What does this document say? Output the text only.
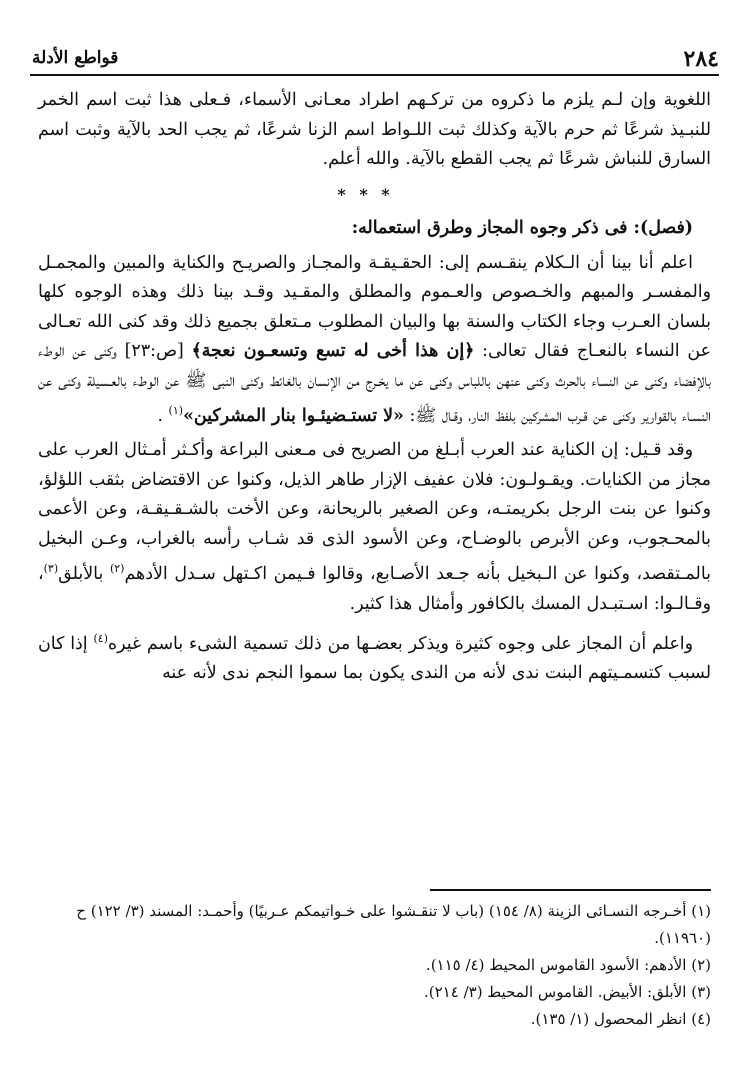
٢٨٤
قواطع الأدلة

اللغوية وإن لـم يلزم ما ذكروه من تركـهم اطراد معـانى الأسماء، فـعلى هذا ثبت اسم الخمر للنبـيذ شرعًا ثم حرم بالآية وكذلك ثبت اللـواط اسم الزنا شرعًا، ثم يجب الحد بالآية وثبت اسم السارق للنباش شرعًا ثم يجب القطع بالآية. والله أعلم.

* * *

(فصل): فى ذكر وجوه المجاز وطرق استعماله:

اعلم أنا بينا أن الـكلام ينقـسم إلى: الحقـيقـة والمجـاز والصريـح والكناية والمبين والمجمـل والمفسـر والمبهم والخـصوص والعـموم والمطلق والمقـيد وقـد بينا ذلك وهذه الوجوه كلها بلسان العـرب وجاء الكتاب والسنة بها والبيان المطلوب مـتعلق بجميع ذلك وقد كنى الله تعـالى عن النساء بالنعـاج فقال تعالى: ﴿إن هذا أخى له تسع وتسعـون نعجة﴾ [ص:٢٣] وكنى عن الوطء بالإفضاء وكنى عن النساء بالحرث وكنى عنهن باللباس وكنى عن ما يخـرج من الإنسان بالغائط وكنى النبى ﷺ عن الوطء بالعـسيلة وكنى عن النسـاء بالقوارير وكنى عن قـرب المشركين بلفظ النار، وقـال ﷺ: «لا تستـضيئـوا بنار المشركين»$^{(١)}$ .

وقد قـيل: إن الكناية عند العرب أبـلغ من الصريح فى مـعنى البراعة وأكـثر أمـثال العرب على مجاز من الكنايات. ويقـولـون: فلان عفيف الإزار طاهر الذيل، وكنوا عن الاقتضاض بثقب اللؤلؤ، وكنوا عن بنت الرجل بكريمتـه، وعن الصغير بالريحانة، وعن الأخت بالشـقـيقـة، وعن الأعمى بالمحـجوب، وعن الأبرص بالوضـاح، وعن الأسود الذى قد شـاب رأسه بالغراب، وعـن البخيل بالمـتقصد، وكنوا عن الـبخيل بأنه جـعد الأصـابع، وقالوا فـيمن اكـتهل سـدل الأدهم$^{(٢)}$ بالأبلق$^{(٣)}$، وقـالـوا: اسـتبـدل المسك بالكافور وأمثال هذا كثير.

واعلم أن المجاز على وجوه كثيرة ويذكر بعضـها من ذلك تسمية الشىء باسم غيره$^{(٤)}$ إذا كان لسبب كتسمـيتهم البنت ندى لأنه من الندى يكون بما سموا النجم ندى لأنه عنه

(١) أخـرجه النسـائى الزينة (٨/ ١٥٤) (باب لا تنقـشوا على خـواتيمكم عـربيًا) وأحمـد: المسند (٣/ ١٢٢) ح (١١٩٦٠).
(٢) الأدهم: الأسود القاموس المحيط (٤/ ١١٥).
(٣) الأبلق: الأبيض. القاموس المحيط (٣/ ٢١٤).
(٤) انظر المحصول (١/ ١٣٥).
